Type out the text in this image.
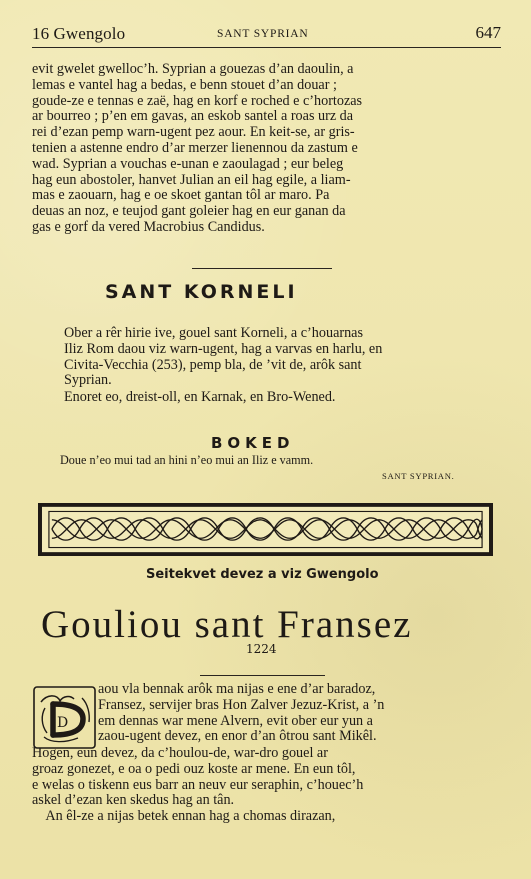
16 Gwengolo	SANT SYPRIAN	647
evit gwelet gwelloc’h. Syprian a gouezas d’an daoulin, a
lemas e vantel hag a bedas, e benn stouet d’an douar ;
goude-ze e tennas e zaë, hag en korf e roched e c’hortozas
ar bourreo ; p’en em gavas, an eskob santel a roas urz da
rei d’ezan pemp warn-ugent pez aour. En keit-se, ar gris-
tenien a astenne endro d’ar merzer lienennou da zastum e
wad. Syprian a vouchas e-unan e zaoulagad ; eur beleg
hag eun abostoler, hanvet Julian an eil hag egile, a liam-
mas e zaouarn, hag e oe skoet gantan tôl ar maro. Pa
deuas an noz, e teujod gant goleier hag en eur ganan da
gas e gorf da vered Macrobius Candidus.
SANT KORNELI
Ober a rêr hirie ive, gouel sant Korneli, a c’houarnas
Iliz Rom daou viz warn-ugent, hag a varvas en harlu, en
Civita-Vecchia (253), pemp bla, de ’vit de, arôk sant
Syprian.
Enoret eo, dreist-oll, en Karnak, en Bro-Wened.
BOKED
Doue n’eo mui tad an hini n’eo mui an Iliz e vamm.
SANT SYPRIAN.
Seitekvet devez a viz Gwengolo
Gouliou sant Fransez
1224
D
aou vla bennak arôk ma nijas e ene d’ar baradoz,
Fransez, servijer bras Hon Zalver Jezuz-Krist, a ’n
em dennas war mene Alvern, evit ober eur yun a
zaou-ugent devez, en enor d’an ôtrou sant Mikêl.
Hogen, eun devez, da c’houlou-de, war-dro gouel ar
groaz gonezet, e oa o pedi ouz koste ar mene. En eun tôl,
e welas o tiskenn eus barr an neuv eur seraphin, c’houec’h
askel d’ezan ken skedus hag an tân.
An êl-ze a nijas betek ennan hag a chomas dirazan,
